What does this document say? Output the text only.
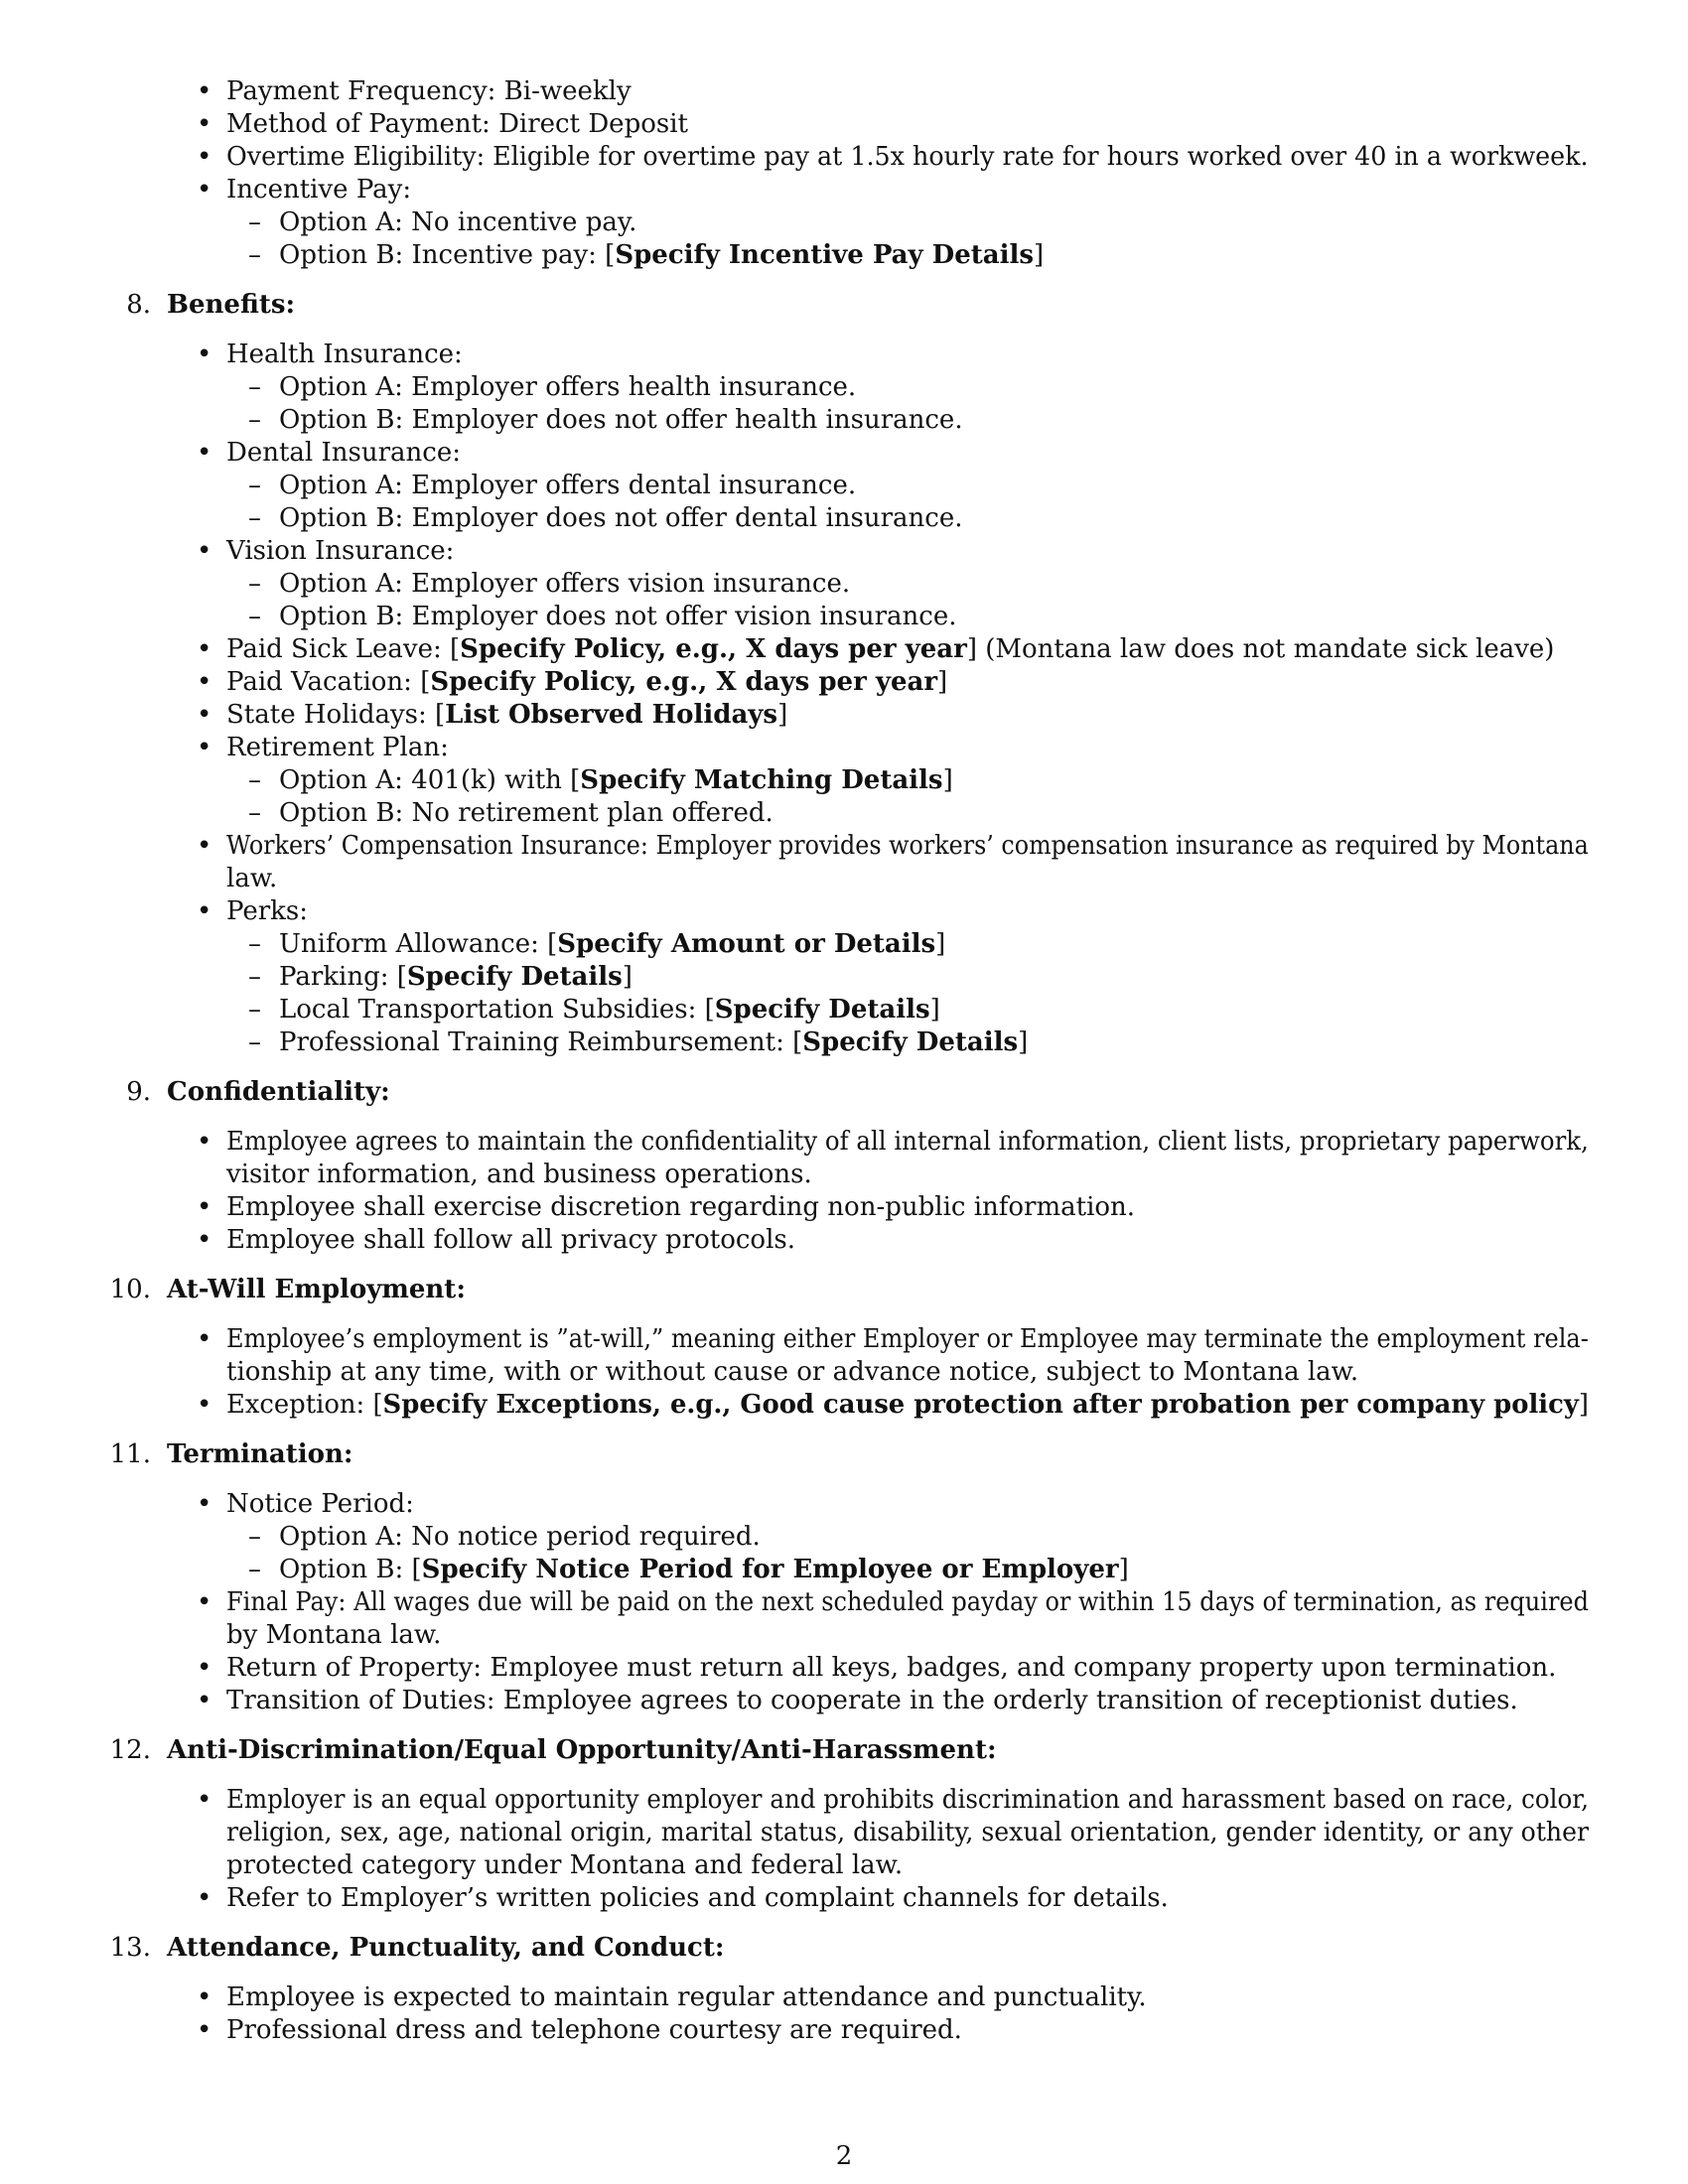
• Payment Frequency: Bi-weekly
• Method of Payment: Direct Deposit
• Overtime Eligibility: Eligible for overtime pay at 1.5x hourly rate for hours worked over 40 in a workweek.
• Incentive Pay:
– Option A: No incentive pay.
– Option B: Incentive pay: [Specify Incentive Pay Details]
8. Benefits:
• Health Insurance:
– Option A: Employer offers health insurance.
– Option B: Employer does not offer health insurance.
• Dental Insurance:
– Option A: Employer offers dental insurance.
– Option B: Employer does not offer dental insurance.
• Vision Insurance:
– Option A: Employer offers vision insurance.
– Option B: Employer does not offer vision insurance.
• Paid Sick Leave: [Specify Policy, e.g., X days per year] (Montana law does not mandate sick leave)
• Paid Vacation: [Specify Policy, e.g., X days per year]
• State Holidays: [List Observed Holidays]
• Retirement Plan:
– Option A: 401(k) with [Specify Matching Details]
– Option B: No retirement plan offered.
• Workers’ Compensation Insurance: Employer provides workers’ compensation insurance as required by Montana
law.
• Perks:
– Uniform Allowance: [Specify Amount or Details]
– Parking: [Specify Details]
– Local Transportation Subsidies: [Specify Details]
– Professional Training Reimbursement: [Specify Details]
9. Confidentiality:
• Employee agrees to maintain the confidentiality of all internal information, client lists, proprietary paperwork,
visitor information, and business operations.
• Employee shall exercise discretion regarding non-public information.
• Employee shall follow all privacy protocols.
10. At-Will Employment:
• Employee’s employment is ”at-will,” meaning either Employer or Employee may terminate the employment rela-
tionship at any time, with or without cause or advance notice, subject to Montana law.
• Exception: [Specify Exceptions, e.g., Good cause protection after probation per company policy]
11. Termination:
• Notice Period:
– Option A: No notice period required.
– Option B: [Specify Notice Period for Employee or Employer]
• Final Pay: All wages due will be paid on the next scheduled payday or within 15 days of termination, as required
by Montana law.
• Return of Property: Employee must return all keys, badges, and company property upon termination.
• Transition of Duties: Employee agrees to cooperate in the orderly transition of receptionist duties.
12. Anti-Discrimination/Equal Opportunity/Anti-Harassment:
• Employer is an equal opportunity employer and prohibits discrimination and harassment based on race, color,
religion, sex, age, national origin, marital status, disability, sexual orientation, gender identity, or any other
protected category under Montana and federal law.
• Refer to Employer’s written policies and complaint channels for details.
13. Attendance, Punctuality, and Conduct:
• Employee is expected to maintain regular attendance and punctuality.
• Professional dress and telephone courtesy are required.
2
